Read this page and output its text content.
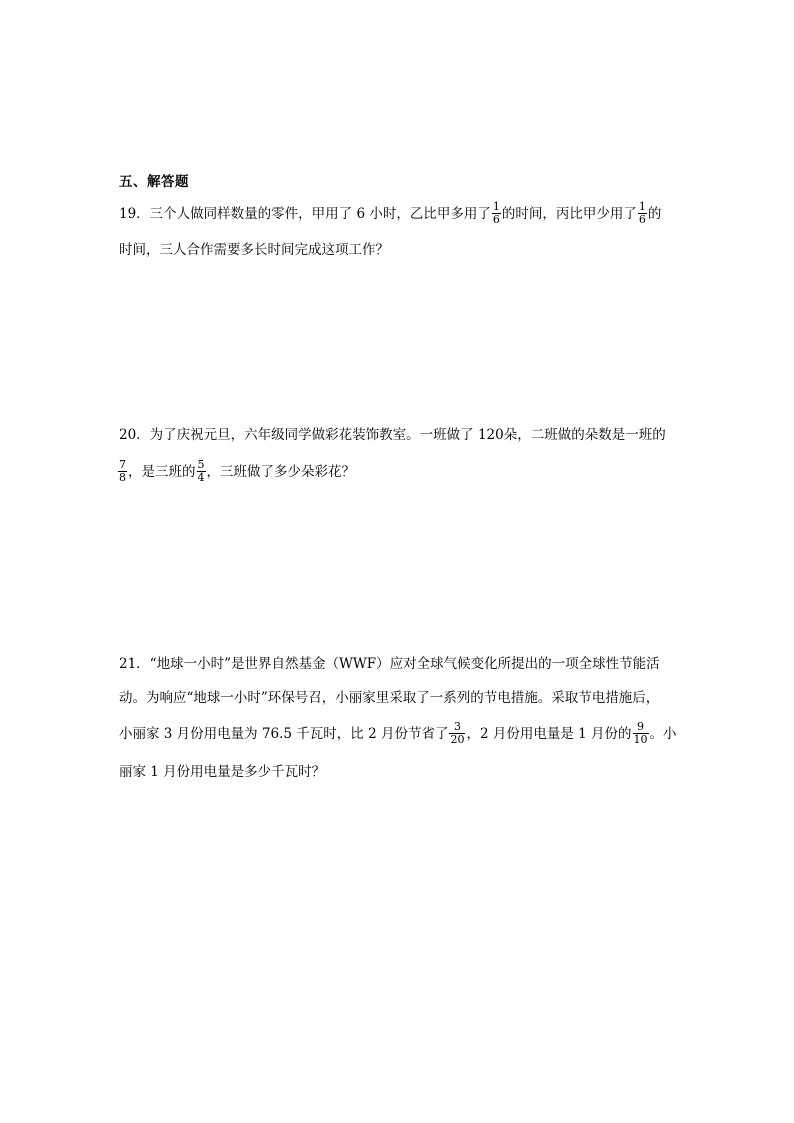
五、解答题
19．三个人做同样数量的零件，甲用了 6 小时，乙比甲多用了 $\frac{1}{6}$ 的时间，丙比甲少用了 $\frac{1}{6}$ 的
时间，三人合作需要多长时间完成这项工作？
20．为了庆祝元旦，六年级同学做彩花装饰教室。一班做了 120朵，二班做的朵数是一班的
$\frac{7}{8}$ ，是三班的 $\frac{5}{4}$ ，三班做了多少朵彩花？
21．“地球一小时”是世界自然基金（WWF）应对全球气候变化所提出的一项全球性节能活
动。为响应“地球一小时”环保号召，小丽家里采取了一系列的节电措施。采取节电措施后，
小丽家 3 月份用电量为 76.5 千瓦时，比 2 月份节省了 $\frac{3}{20}$ ，2 月份用电量是 1 月份的 $\frac{9}{10}$ 。小
丽家 1 月份用电量是多少千瓦时？
